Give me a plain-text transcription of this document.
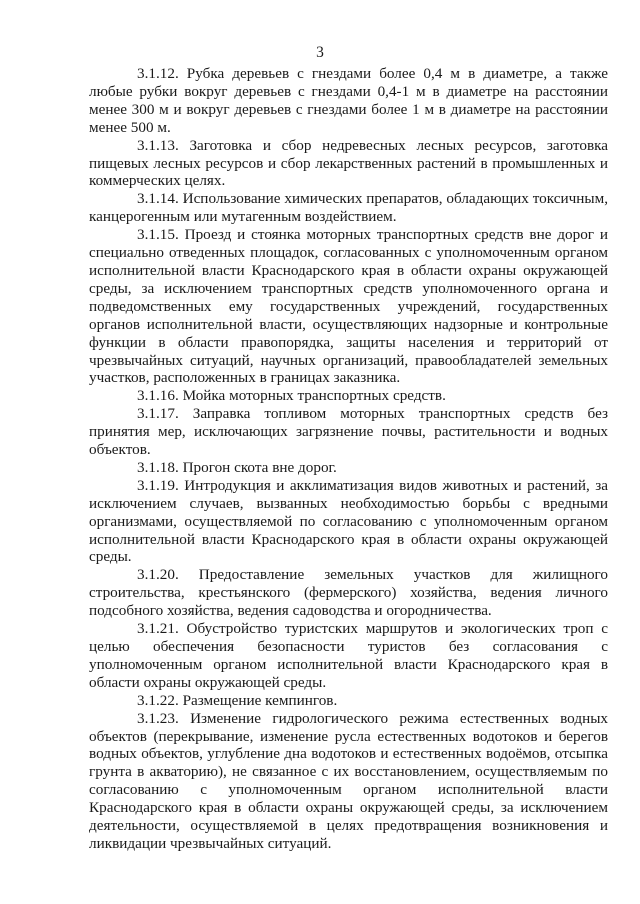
3

3.1.12. Рубка деревьев с гнездами более 0,4 м в диаметре, а также любые рубки вокруг деревьев с гнездами 0,4-1 м в диаметре на расстоянии менее 300 м и вокруг деревьев с гнездами более 1 м в диаметре на расстоянии менее 500 м.

3.1.13. Заготовка и сбор недревесных лесных ресурсов, заготовка пищевых лесных ресурсов и сбор лекарственных растений в промышленных и коммерческих целях.

3.1.14. Использование химических препаратов, обладающих токсичным, канцерогенным или мутагенным воздействием.

3.1.15. Проезд и стоянка моторных транспортных средств вне дорог и специально отведенных площадок, согласованных с уполномоченным органом исполнительной власти Краснодарского края в области охраны окружающей среды, за исключением транспортных средств уполномоченного органа и подведомственных ему государственных учреждений, государственных органов исполнительной власти, осуществляющих надзорные и контрольные функции в области правопорядка, защиты населения и территорий от чрезвычайных ситуаций, научных организаций, правообладателей земельных участков, расположенных в границах заказника.

3.1.16. Мойка моторных транспортных средств.

3.1.17. Заправка топливом моторных транспортных средств без принятия мер, исключающих загрязнение почвы, растительности и водных объектов.

3.1.18. Прогон скота вне дорог.

3.1.19. Интродукция и акклиматизация видов животных и растений, за исключением случаев, вызванных необходимостью борьбы с вредными организмами, осуществляемой по согласованию с уполномоченным органом исполнительной власти Краснодарского края в области охраны окружающей среды.

3.1.20. Предоставление земельных участков для жилищного строительства, крестьянского (фермерского) хозяйства, ведения личного подсобного хозяйства, ведения садоводства и огородничества.

3.1.21. Обустройство туристских маршрутов и экологических троп с целью обеспечения безопасности туристов без согласования с уполномоченным органом исполнительной власти Краснодарского края в области охраны окружающей среды.

3.1.22. Размещение кемпингов.

3.1.23. Изменение гидрологического режима естественных водных объектов (перекрывание, изменение русла естественных водотоков и берегов водных объектов, углубление дна водотоков и естественных водоёмов, отсыпка грунта в акваторию), не связанное с их восстановлением, осуществляемым по согласованию с уполномоченным органом исполнительной власти Краснодарского края в области охраны окружающей среды, за исключением деятельности, осуществляемой в целях предотвращения возникновения и ликвидации чрезвычайных ситуаций.
